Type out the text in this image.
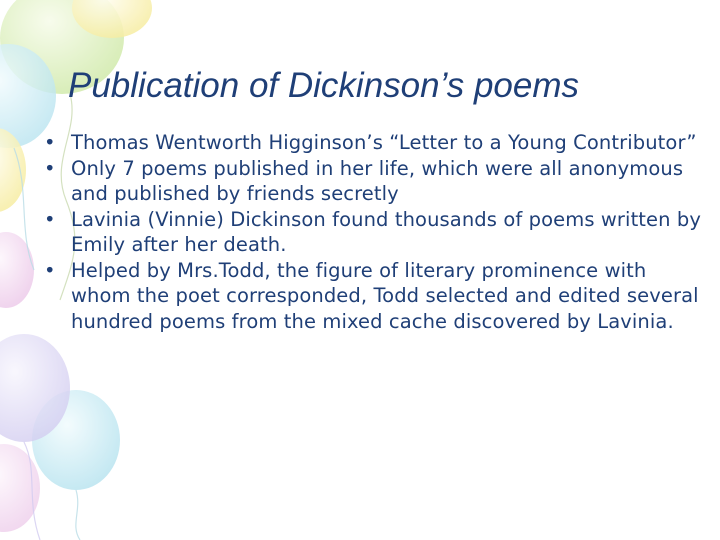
Publication of Dickinson’s poems
• Thomas Wentworth Higginson’s “Letter to a Young Contributor”
• Only 7 poems published in her life, which were all anonymous and published by friends secretly
• Lavinia (Vinnie) Dickinson found thousands of poems written by Emily after her death.
• Helped by Mrs.Todd, the figure of literary prominence with whom the poet corresponded, Todd selected and edited several hundred poems from the mixed cache discovered by Lavinia.
